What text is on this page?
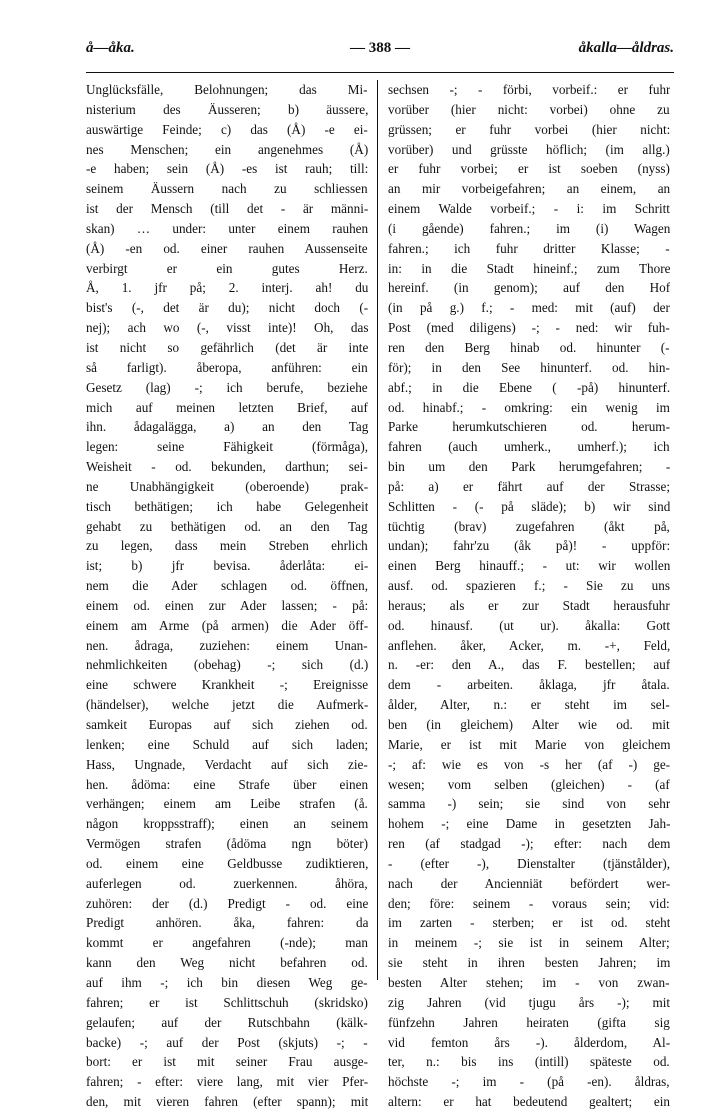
å—åka.	— 388 —	åkalla—åldras.
Unglücksfälle, Belohnungen; das Mi-
nisterium des Äusseren; b) äussere,
auswärtige Feinde; c) das (Å) -e ei-
nes Menschen; ein angenehmes (Å)
-e haben; sein (Å) -es ist rauh; till:
seinem Äussern nach zu schliessen
ist der Mensch (till det - är männi-
skan) … under: unter einem rauhen
(Å) -en od. einer rauhen Aussenseite
verbirgt er ein gutes Herz.
Å, 1. jfr på; 2. interj. ah! du
bist's (-, det är du); nicht doch (-
nej); ach wo (-, visst inte)! Oh, das
ist nicht so gefährlich (det är inte
så farligt). åberopa, anführen: ein
Gesetz (lag) -; ich berufe, beziehe
mich auf meinen letzten Brief, auf
ihn. ådagalägga, a) an den Tag
legen: seine Fähigkeit (förmåga),
Weisheit - od. bekunden, darthun; sei-
ne Unabhängigkeit (oberoende) prak-
tisch bethätigen; ich habe Gelegenheit
gehabt zu bethätigen od. an den Tag
zu legen, dass mein Streben ehrlich
ist; b) jfr bevisa. åderlåta: ei-
nem die Ader schlagen od. öffnen,
einem od. einen zur Ader lassen; - på:
einem am Arme (på armen) die Ader öff-
nen. ådraga, zuziehen: einem Unan-
nehmlichkeiten (obehag) -; sich (d.)
eine schwere Krankheit -; Ereignisse
(händelser), welche jetzt die Aufmerk-
samkeit Europas auf sich ziehen od.
lenken; eine Schuld auf sich laden;
Hass, Ungnade, Verdacht auf sich zie-
hen. ådöma: eine Strafe über einen
verhängen; einem am Leibe strafen (å.
någon kroppsstraff); einen an seinem
Vermögen strafen (ådöma ngn böter)
od. einem eine Geldbusse zudiktieren,
auferlegen od. zuerkennen. åhöra,
zuhören: der (d.) Predigt - od. eine
Predigt anhören. åka, fahren: da
kommt er angefahren (-nde); man
kann den Weg nicht befahren od.
auf ihm -; ich bin diesen Weg ge-
fahren; er ist Schlittschuh (skridsko)
gelaufen; auf der Rutschbahn (kälk-
backe) -; auf der Post (skjuts) -; -
bort: er ist mit seiner Frau ausge-
fahren; - efter: viere lang, mit vier Pfer-
den, mit vieren fahren (efter spann); mit
sechsen -; - förbi, vorbeif.: er fuhr
vorüber (hier nicht: vorbei) ohne zu
grüssen; er fuhr vorbei (hier nicht:
vorüber) und grüsste höflich; (im allg.)
er fuhr vorbei; er ist soeben (nyss)
an mir vorbeigefahren; an einem, an
einem Walde vorbeif.; - i: im Schritt
(i gående) fahren.; im (i) Wagen
fahren.; ich fuhr dritter Klasse; -
in: in die Stadt hineinf.; zum Thore
hereinf. (in genom); auf den Hof
(in på g.) f.; - med: mit (auf) der
Post (med diligens) -; - ned: wir fuh-
ren den Berg hinab od. hinunter (-
för); in den See hinunterf. od. hin-
abf.; in die Ebene ( -på) hinunterf.
od. hinabf.; - omkring: ein wenig im
Parke herumkutschieren od. herum-
fahren (auch umherk., umherf.); ich
bin um den Park herumgefahren; -
på: a) er fährt auf der Strasse;
Schlitten - (- på släde); b) wir sind
tüchtig (brav) zugefahren (åkt på,
undan); fahr'zu (åk på)! - uppför:
einen Berg hinauff.; - ut: wir wollen
ausf. od. spazieren f.; - Sie zu uns
heraus; als er zur Stadt herausfuhr
od. hinausf. (ut ur). åkalla: Gott
anflehen. åker, Acker, m. -+, Feld,
n. -er: den A., das F. bestellen; auf
dem - arbeiten. åklaga, jfr åtala.
ålder, Alter, n.: er steht im sel-
ben (in gleichem) Alter wie od. mit
Marie, er ist mit Marie von gleichem
-; af: wie es von -s her (af -) ge-
wesen; vom selben (gleichen) - (af
samma -) sein; sie sind von sehr
hohem -; eine Dame in gesetzten Jah-
ren (af stadgad -); efter: nach dem
- (efter -), Dienstalter (tjänstålder),
nach der Ancienniät befördert wer-
den; före: seinem - voraus sein; vid:
im zarten - sterben; er ist od. steht
in meinem -; sie ist in seinem Alter;
sie steht in ihren besten Jahren; im
besten Alter stehen; im - von zwan-
zig Jahren (vid tjugu års -); mit
fünfzehn Jahren heiraten (gifta sig
vid femton års -). ålderdom, Al-
ter, n.: bis ins (intill) späteste od.
höchste -; im - (på -en). åldras,
altern: er hat bedeutend gealtert; ein
